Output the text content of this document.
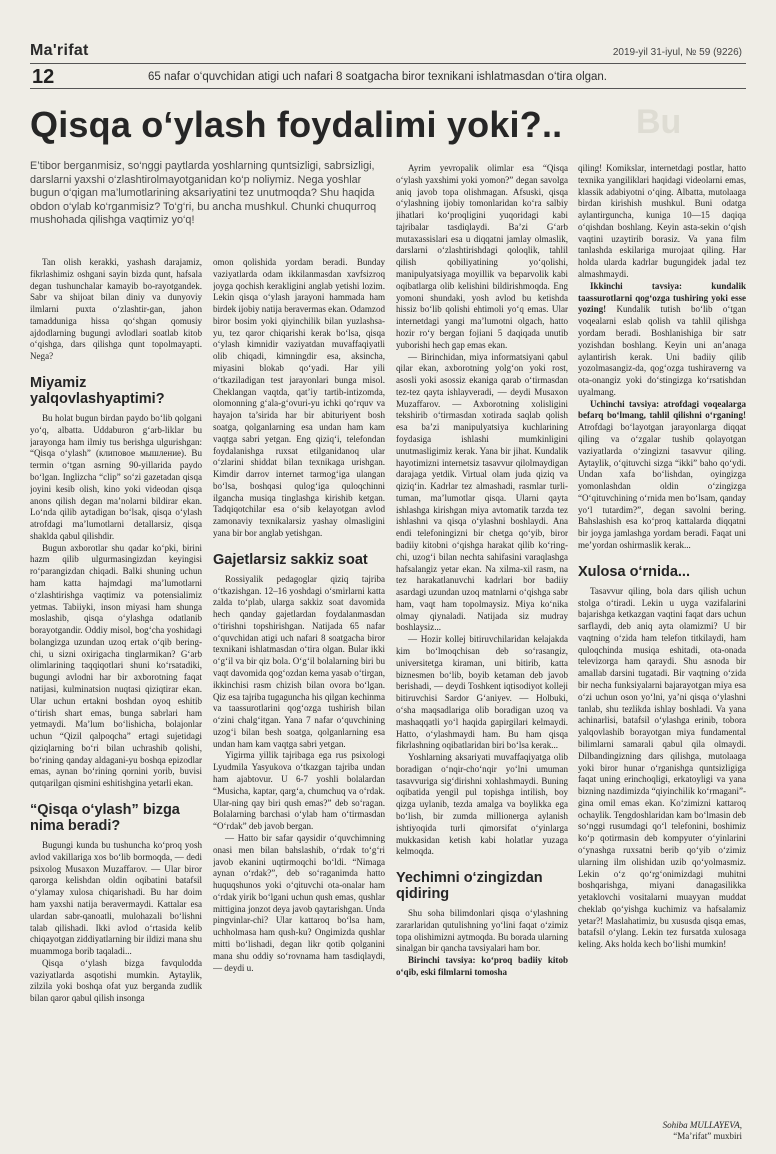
Ma'rifat	2019-yil 31-iyul, № 59 (9226)
12	65 nafar o‘quvchidan atigi uch nafari 8 soatgacha biror texnikani ishlatmasdan o‘tira olgan.
Bu
Qisqa o‘ylash foydalimi yoki?..

E’tibor berganmisiz, so‘nggi paytlarda yoshlarning quntsizligi, sabrsizligi, darslarni yaxshi o‘zlashtirolmayotganidan ko‘p noliymiz. Nega yoshlar bugun o‘qigan ma’lumotlarining aksariyatini tez unutmoqda? Shu haqida obdon o‘ylab ko‘rganmisiz? To‘g‘ri, bu ancha mushkul. Chunki chuqurroq mushohada qilishga vaqtimiz yo‘q!

Tan olish kerakki, yashash darajamiz, fikrlashimiz oshgani sayin bizda qunt, hafsala degan tushunchalar kamayib bo-rayotgandek. Sabr va shijoat bilan diniy va dunyoviy ilmlarni puxta o‘zlashtir-gan, jahon tamadduniga hissa qo‘shgan qomusiy ajdodlarning bugungi avlodlari soatlab kitob o‘qishga, dars qilishga qunt topolmayapti. Nega?

Miyamiz yalqovlashyaptimi?

Bu holat bugun birdan paydo bo‘lib qolgani yo‘q, albatta. Uddaburon g‘arb-liklar bu jarayonga ham ilmiy tus berishga ulgurishgan: “Qisqa o‘ylash” (клиповое мышление). Bu termin o‘tgan asrning 90-yillarida paydo bo‘lgan. Inglizcha “clip” so‘zi gazetadan qisqa joyini kesib olish, kino yoki videodan qisqa anons qilish degan ma’nolarni bildirar ekan. Lo‘nda qilib aytadigan bo‘lsak, qisqa o‘ylash atrofdagi ma’lumotlarni detallarsiz, qisqa shaklda qabul qilishdir.

Bugun axborotlar shu qadar ko‘pki, birini hazm qilib ulgurmasingizdan keyingisi ro‘parangizdan chiqadi. Balki shuning uchun ham katta hajmdagi ma’lumotlarni o‘zlashtirishga vaqtimiz va potensialimiz yetmas. Tabiiyki, inson miyasi ham shunga moslashib, qisqa o‘ylashga odatlanib borayotgandir. Oddiy misol, bog‘cha yoshidagi bolangizga uzundan uzoq ertak o‘qib bering-chi, u sizni oxirigacha tinglarmikan? G‘arb olimlarining taqqiqotlari shuni ko‘rsatadiki, bugungi avlodni har bir axborotning faqat natijasi, kulminatsion nuqtasi qiziqtirar ekan. Ular uchun ertakni boshdan oyoq eshitib o‘tirish shart emas, bunga sabrlari ham yetmaydi. Ma’lum bo‘lishicha, bolajonlar uchun “Qizil qalpoqcha” ertagi sujetidagi qiziqlarning bo‘ri bilan uchrashib qolishi, bo‘rining qanday aldagani-yu boshqa epizodlar emas, aynan bo‘rining qornini yorib, buvisi qutqarilgan qismini eshitishgina yetarli ekan.

“Qisqa o‘ylash” bizga nima beradi?

Bugungi kunda bu tushuncha ko‘proq yosh avlod vakillariga xos bo‘lib bormoqda, — dedi psixolog Musaxon Muzaffarov. — Ular biror qarorga kelishdan oldin oqibatini batafsil o‘ylamay xulosa chiqarishadi. Bu har doim ham yaxshi natija beravermaydi. Kattalar esa ulardan sabr-qanoatli, mulohazali bo‘lishni talab qilishadi. Ikki avlod o‘rtasida kelib chiqayotgan ziddiyatlarning bir ildizi mana shu muammoga borib taqaladi...

Qisqa o‘ylash bizga favqulodda vaziyatlarda asqotishi mumkin. Aytaylik, zilzila yoki boshqa ofat yuz berganda zudlik bilan qaror qabul qilish insonga

omon qolishida yordam beradi. Bunday vaziyatlarda odam ikkilanmasdan xavfsizroq joyga qochish kerakligini anglab yetishi lozim. Lekin qisqa o‘ylash jarayoni hammada ham birdek ijobiy natija beravermas ekan. Odamzod biror bosim yoki qiyinchilik bilan yuzlashsa-yu, tez qaror chiqarishi kerak bo‘lsa, qisqa o‘ylash kimnidir vaziyatdan muvaffaqiyatli olib chiqadi, kimningdir esa, aksincha, miyasini blokab qo‘yadi. Har yili o‘tkaziladigan test jarayonlari bunga misol. Cheklangan vaqtda, qat’iy tartib-intizomda, olomonning g‘ala-g‘ovuri-yu ichki qo‘rquv va hayajon ta’sirida har bir abituriyent bosh soatga, qolganlarning esa undan ham kam vaqtga sabri yetgan. Eng qiziq‘i, telefondan foydalanishga ruxsat etilganidanoq ular o‘zlarini shiddat bilan texnikaga urishgan. Kimdir darrov internet tarmog‘iga ulangan bo‘lsa, boshqasi qulog‘iga quloqchinni ilgancha musiqa tinglashga kirishib ketgan. Tadqiqotchilar esa o‘sib kelayotgan avlod zamonaviy texnikalarsiz yashay olmasligini yana bir bor anglab yetishgan.

Gajetlarsiz sakkiz soat

Rossiyalik pedagoglar qiziq tajriba o‘tkazishgan. 12–16 yoshdagi o‘smirlarni katta zalda to‘plab, ularga sakkiz soat davomida hech qanday gajetlardan foydalanmasdan o‘tirishni topshirishgan. Natijada 65 nafar o‘quvchidan atigi uch nafari 8 soatgacha biror texnikani ishlatmasdan o‘tira olgan. Bular ikki o‘g‘il va bir qiz bola. O‘g‘il bolalarning biri bu vaqt davomida qog‘ozdan kema yasab o‘tirgan, ikkinchisi rasm chizish bilan ovora bo‘lgan. Qiz esa tajriba tugaguncha his qilgan kechinma va taassurotlarini qog‘ozga tushirish bilan o‘zini chalg‘itgan. Yana 7 nafar o‘quvchining uzog‘i bilan besh soatga, qolganlarning esa undan ham kam vaqtga sabri yetgan.

Yigirma yillik tajribaga ega rus psixologi Lyudmila Yasyukova o‘tkazgan tajriba undan ham ajabtovur. U 6-7 yoshli bolalardan “Musicha, kaptar, qarg‘a, chumchuq va o‘rdak. Ular-ning qay biri qush emas?” deb so‘ragan. Bolalarning barchasi o‘ylab ham o‘tirmasdan “O‘rdak” deb javob bergan.

— Hatto bir safar qaysidir o‘quvchimning onasi men bilan bahslashib, o‘rdak to‘g‘ri javob ekanini uqtirmoqchi bo‘ldi. “Nimaga aynan o‘rdak?”, deb so‘raganimda hatto huquqshunos yoki o‘qituvchi ota-onalar ham o‘rdak yirik bo‘lgani uchun qush emas, qushlar mittigina jonzot deya javob qaytarishgan. Unda pingvinlar-chi? Ular kattaroq bo‘lsa ham, uchholmasa ham qush-ku? Ongimizda qushlar mitti bo‘lishadi, degan likr qotib qolganini mana shu oddiy so‘rovnama ham tasdiqlaydi, — deydi u.

Ayrim yevropalik olimlar esa “Qisqa o‘ylash yaxshimi yoki yomon?” degan savolga aniq javob topa olishmagan. Afsuski, qisqa o‘ylashning ijobiy tomonlaridan ko‘ra salbiy jihatlari ko‘proqligini yuqoridagi kabi tajribalar tasdiqlaydi. Ba’zi G‘arb mutaxassislari esa u diqqatni jamlay olmaslik, darslarni o‘zlashtirishdagi qoloqlik, tahlil qilish qobiliyatining yo‘qolishi, manipulyatsiyaga moyillik va beparvolik kabi oqibatlarga olib kelishini bildirishmoqda. Eng yomoni shundaki, yosh avlod bu ketishda hissiz bo‘lib qolishi ehtimoli yo‘q emas. Ular internetdagi yangi ma’lumotni olgach, hatto hozir ro‘y bergan fojiani 5 daqiqada unutib yuborishi hech gap emas ekan.

— Birinchidan, miya informatsiyani qabul qilar ekan, axborotning yolg‘on yoki rost, asosli yoki asossiz ekaniga qarab o‘tirmasdan tez-tez qayta ishlayveradi, — deydi Musaxon Muzaffarov. — Axborotning xolisligini tekshirib o‘tirmasdan xotirada saqlab qolish esa ba’zi manipulyatsiya kuchlarining foydasiga ishlashi mumkinligini unutmasligimiz kerak. Yana bir jihat. Kundalik hayotimizni internetsiz tasavvur qilolmaydigan darajaga yetdik. Virtual olam juda qiziq va qiziq‘in. Kadrlar tez almashadi, rasmlar turli-tuman, ma’lumotlar qisqa. Ularni qayta ishlashga kirishgan miya avtomatik tarzda tez ishlashni va qisqa o‘ylashni boshlaydi. Ana endi telefoningizni bir chetga qo‘yib, biror badiiy kitobni o‘qishga harakat qilib ko‘ring-chi, uzog‘i bilan nechta sahifasini varaqlashga hafsalangiz yetar ekan. Na xilma-xil rasm, na tez harakatlanuvchi kadrlari bor badiiy asardagi uzundan uzoq matnlarni o‘qishga sabr ham, vaqt ham topolmaysiz. Miya ko‘nika olmay qiynaladi. Natijada siz mudray boshlaysiz...

— Hozir kollej bitiruvchilaridan kelajakda kim bo‘lmoqchisan deb so‘rasangiz, universitetga kiraman, uni bitirib, katta biznesmen bo‘lib, boyib ketaman deb javob berishadi, — deydi Toshkent iqtisodiyot kolleji bitiruvchisi Sardor G‘aniyev. — Holbuki, o‘sha maqsadlariga olib boradigan uzoq va mashaqqatli yo‘l haqida gapirgilari kelmaydi. Hatto, o‘ylashmaydi ham. Bu ham qisqa fikrlashning oqibatlaridan biri bo‘lsa kerak...

Yoshlarning aksariyati muvaffaqiyatga olib boradigan o‘nqir-cho‘nqir yo‘lni umuman tasavvuriga sig‘dirishni xohlashmaydi. Buning oqibatida yengil pul topishga intilish, boy qizga uylanib, tezda amalga va boylikka ega bo‘lish, bir zumda millionerga aylanish ishtiyoqida turli qimorsifat o‘yinlarga mukkasidan ketish kabi holatlar yuzaga kelmoqda.

Yechimni o‘zingizdan qidiring

Shu soha bilimdonlari qisqa o‘ylashning zararlaridan qutulishning yo‘lini faqat o‘zimiz topa olishimizni aytmoqda. Bu borada ularning sinalgan bir qancha tavsiyalari ham bor.

Birinchi tavsiya: ko‘proq badiiy kitob o‘qib, eski filmlarni tomosha

qiling! Komikslar, internetdagi postlar, hatto texnika yangiliklari haqidagi videolarni emas, klassik adabiyotni o‘qing. Albatta, mutolaaga birdan kirishish mushkul. Buni odatga aylantirguncha, kuniga 10—15 daqiqa o‘qishdan boshlang. Keyin asta-sekin o‘qish vaqtini uzaytirib borasiz. Va yana film tanlashda eskilariga murojaat qiling. Har holda ularda kadrlar bugungidek jadal tez almashmaydi.

Ikkinchi tavsiya: kundalik taassurotlarni qog‘ozga tushiring yoki esse yozing! Kundalik tutish bo‘lib o‘tgan voqealarni eslab qolish va tahlil qilishga yordam beradi. Boshlanishiga bir satr yozishdan boshlang. Keyin uni an’anaga aylantirish kerak. Uni badiiy qilib yozolmasangiz-da, qog‘ozga tushiraverng va ota-onangiz yoki do‘stingizga ko‘rsatishdan uyalmang.

Uchinchi tavsiya: atrofdagi voqealarga befarq bo‘lmang, tahlil qilishni o‘rganing! Atrofdagi bo‘layotgan jarayonlarga diqqat qiling va o‘zgalar tushib qolayotgan vaziyatlarda o‘zingizni tasavvur qiling. Aytaylik, o‘qituvchi sizga “ikki” baho qo‘ydi. Undan xafa bo‘lishdan, oyingizga yomonlashdan oldin o‘zingizga “O‘qituvchining o‘rnida men bo‘lsam, qanday yo‘l tutardim?”, degan savolni bering. Bahslashish esa ko‘proq kattalarda diqqatni bir joyga jamlashga yordam beradi. Faqat uni me’yordan oshirmaslik kerak...

Xulosa o‘rnida...

Tasavvur qiling, bola dars qilish uchun stolga o‘tiradi. Lekin u uyga vazifalarini bajarishga ketkazgan vaqtini faqat dars uchun sarflaydi, deb aniq ayta olamizmi? U bir vaqtning o‘zida ham telefon titkilaydi, ham quloqchinda musiqa eshitadi, ota-onada televizorga ham qaraydi. Shu asnoda bir amallab darsini tugatadi. Bir vaqtning o‘zida bir necha funksiyalarni bajarayotgan miya esa o‘zi uchun oson yo‘lni, ya’ni qisqa o‘ylashni tanlab, shu tezlikda ishlay boshladi. Va yana achinarlisi, batafsil o‘ylashga erinib, tobora yalqovlashib borayotgan miya fundamental bilimlarni samarali qabul qila olmaydi. Dilbandingizning dars qilishga, mutolaaga yoki biror hunar o‘rganishga quntsizligiga faqat uning erinchoqligi, erkatoyligi va yana bizning nazdimizda “qiyinchilik ko‘rmagani”-gina omil emas ekan. Ko‘zimizni kattaroq ochaylik. Tengdoshlaridan kam bo‘lmasin deb so‘nggi rusumdagi qo‘l telefonini, boshimiz ko‘p qotirmasin deb kompyuter o‘yinlarini o‘ynashga ruxsatni berib qo‘yib o‘zimiz ularning ilm olishidan uzib qo‘yolmasmiz. Lekin o‘z qo‘rg‘onimizdagi muhitni boshqarishga, miyani danagasilikka yetaklovchi vositalarni muayyan muddat cheklab qo‘yishga kuchimiz va hafsalamiz yetar?! Maslahatimiz, bu xususda qisqa emas, batafsil o‘ylang. Lekin tez fursatda xulosaga keling. Aks holda kech bo‘lishi mumkin!

Sohiba MULLAYEVA,
“Ma’rifat” muxbiri
